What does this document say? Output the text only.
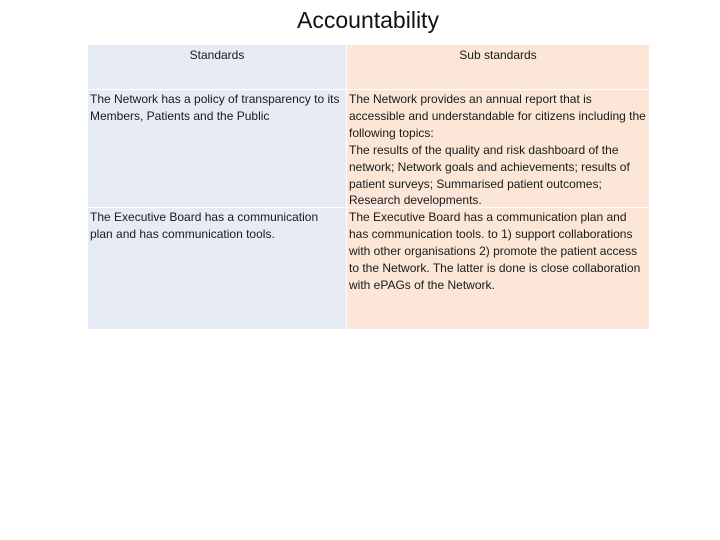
Accountability
Standards	Sub standards
The Network has a policy of transparency to its Members, Patients and the Public

The Network provides an annual report that is accessible and understandable for citizens including the following topics:

The results of the quality and risk dashboard of the network; Network goals and achievements; results of patient surveys; Summarised patient outcomes; Research developments.

The Executive Board has a communication plan and has communication tools.

The Executive Board has a communication plan and has communication tools. to 1) support collaborations with other organisations 2) promote the patient access to the Network. The latter is done is close collaboration with ePAGs of the Network.
